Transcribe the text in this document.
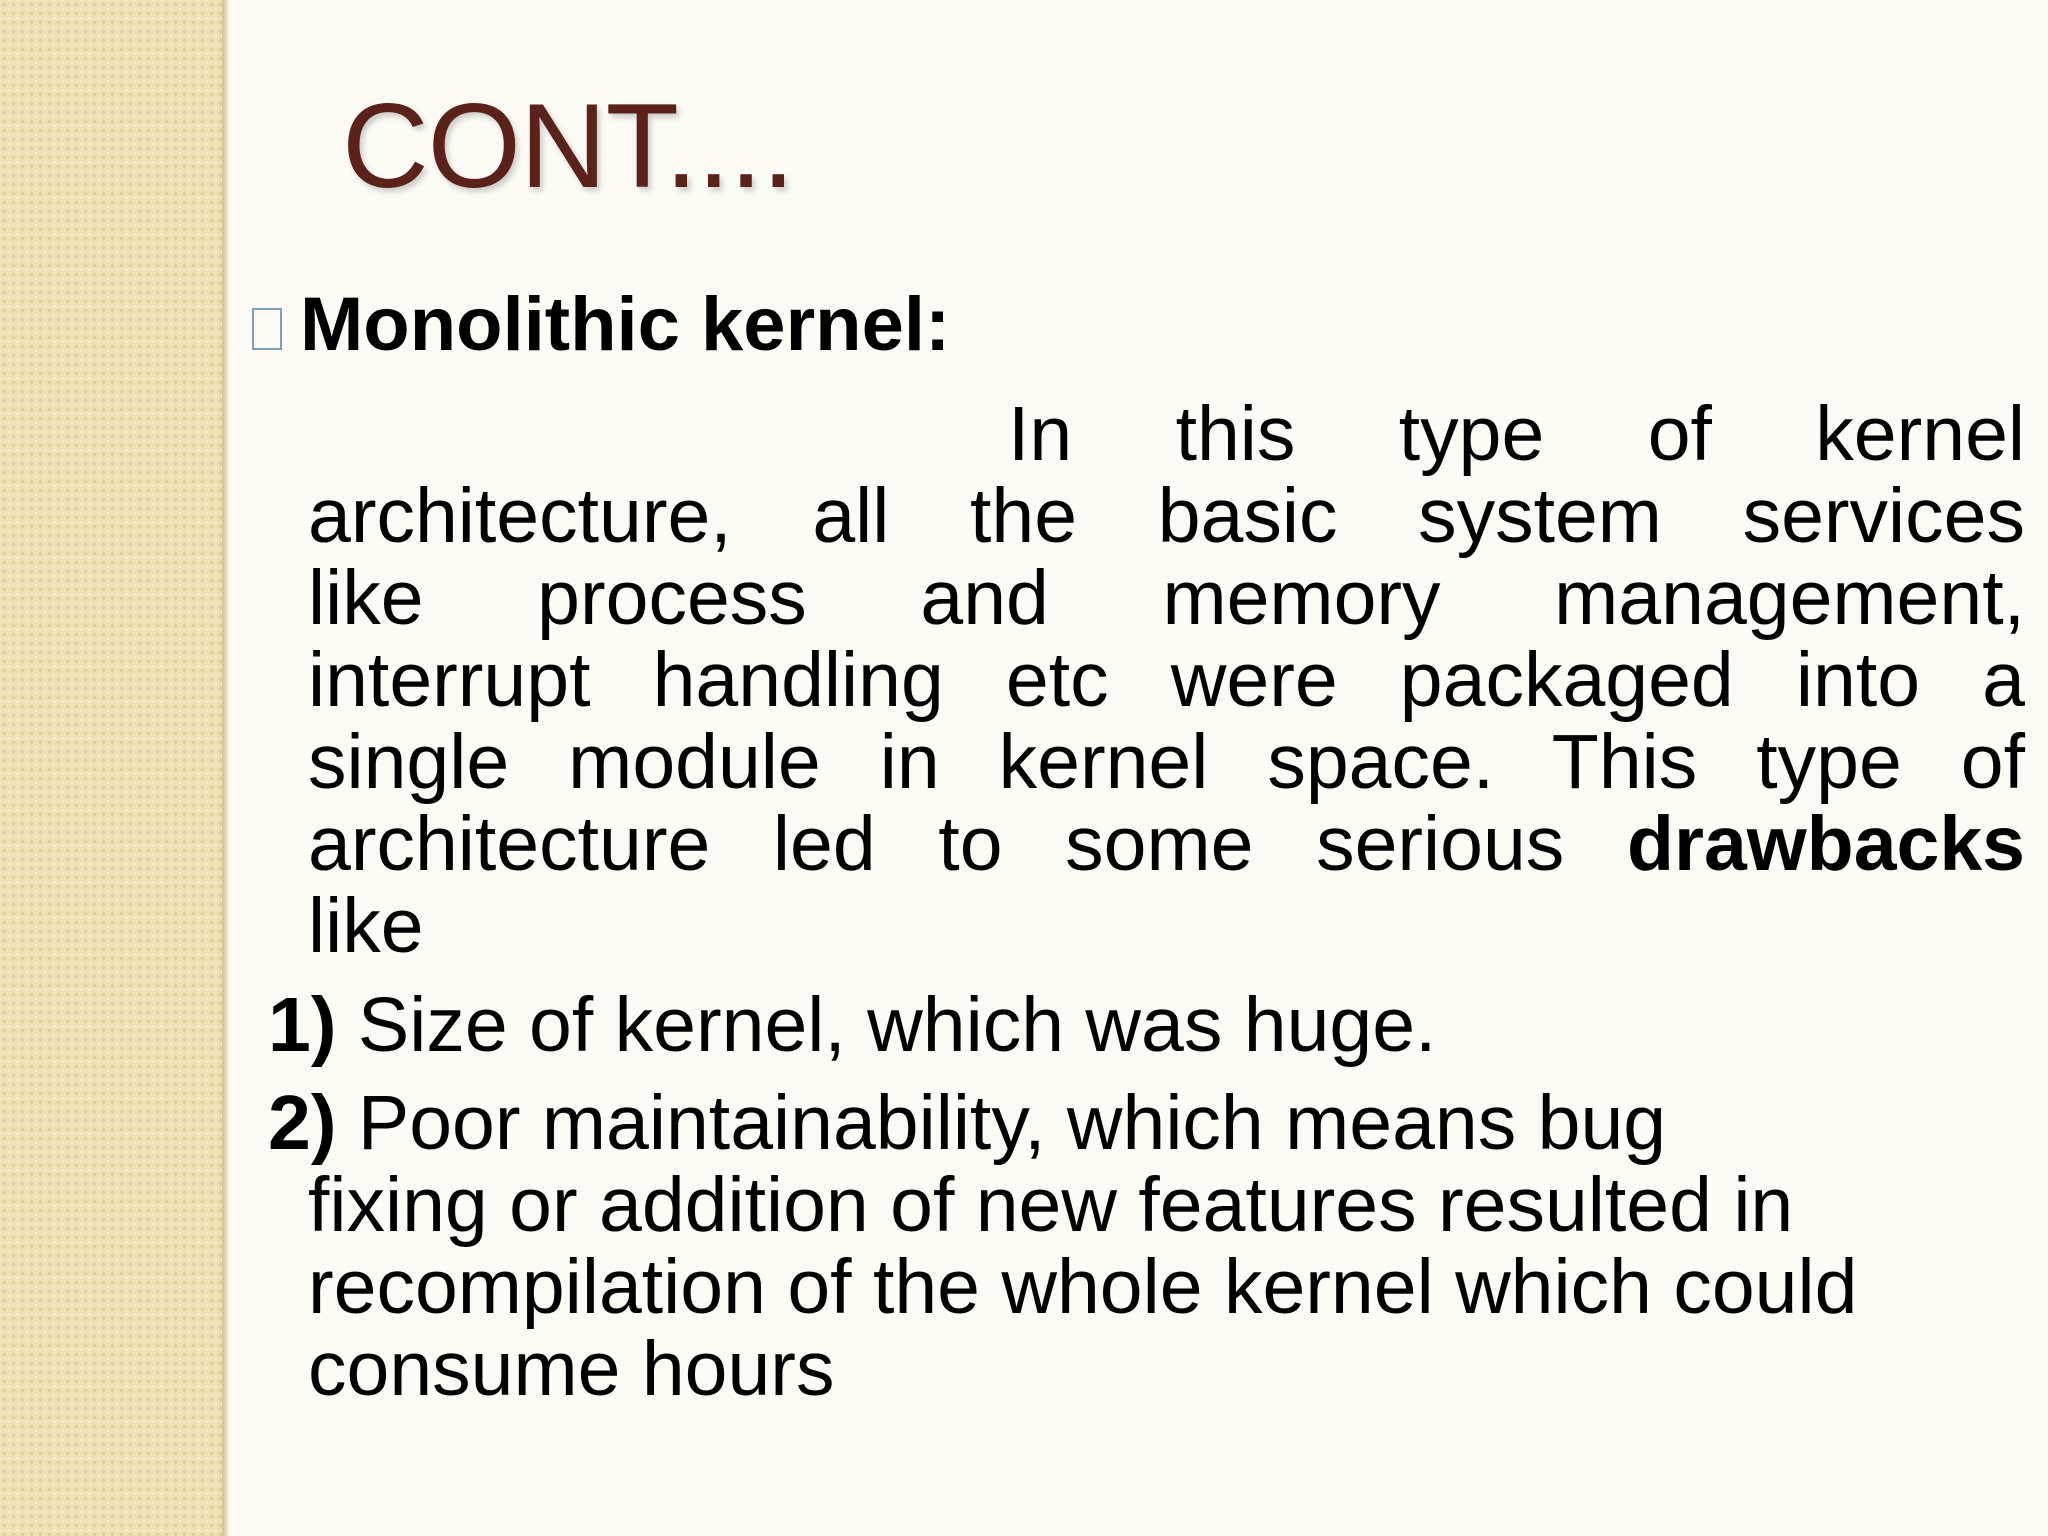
CONT....
Monolithic kernel:
In this type of kernel
architecture, all the basic system services
like process and memory management,
interrupt handling etc were packaged into a
single module in kernel space. This type of
architecture led to some serious drawbacks
like

1) Size of kernel, which was huge.

2) Poor maintainability, which means bug
fixing or addition of new features resulted in
recompilation of the whole kernel which could
consume hours
